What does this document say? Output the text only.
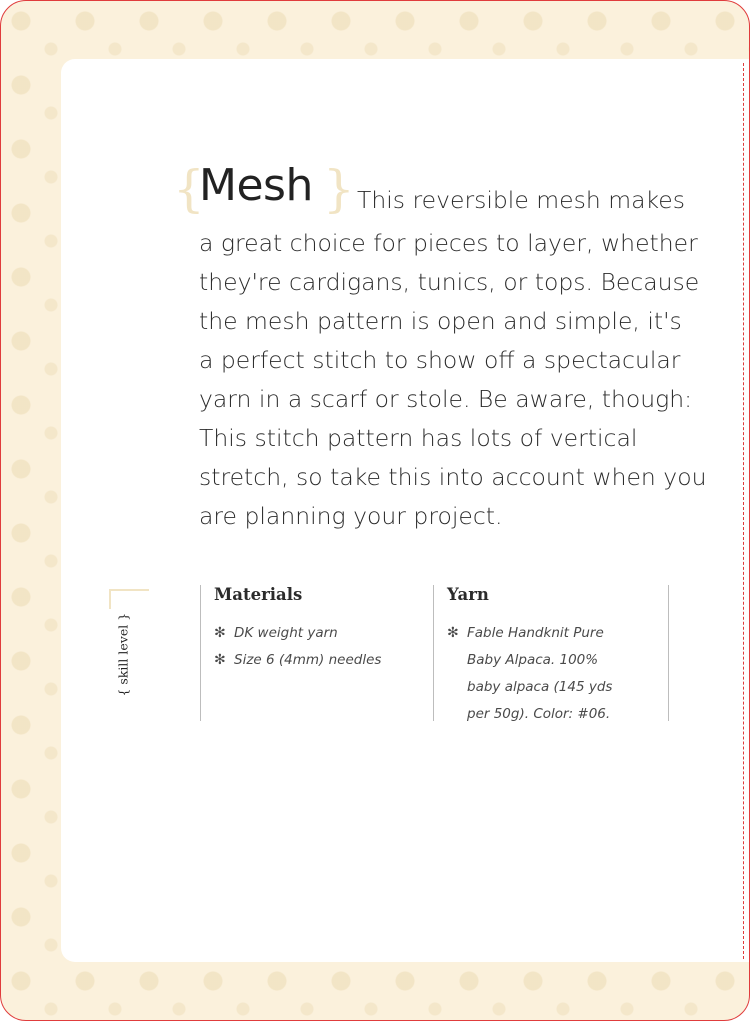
{
Mesh } This reversible mesh makes
a great choice for pieces to layer, whether
they're cardigans, tunics, or tops. Because
the mesh pattern is open and simple, it's
a perfect stitch to show off a spectacular
yarn in a scarf or stole. Be aware, though:
This stitch pattern has lots of vertical
stretch, so take this into account when you
are planning your project.
{ skill level }
Materials
✻ DK weight yarn
✻ Size 6 (4mm) needles
Yarn
✻ Fable Handknit Pure
Baby Alpaca. 100%
baby alpaca (145 yds
per 50g). Color: #06.
